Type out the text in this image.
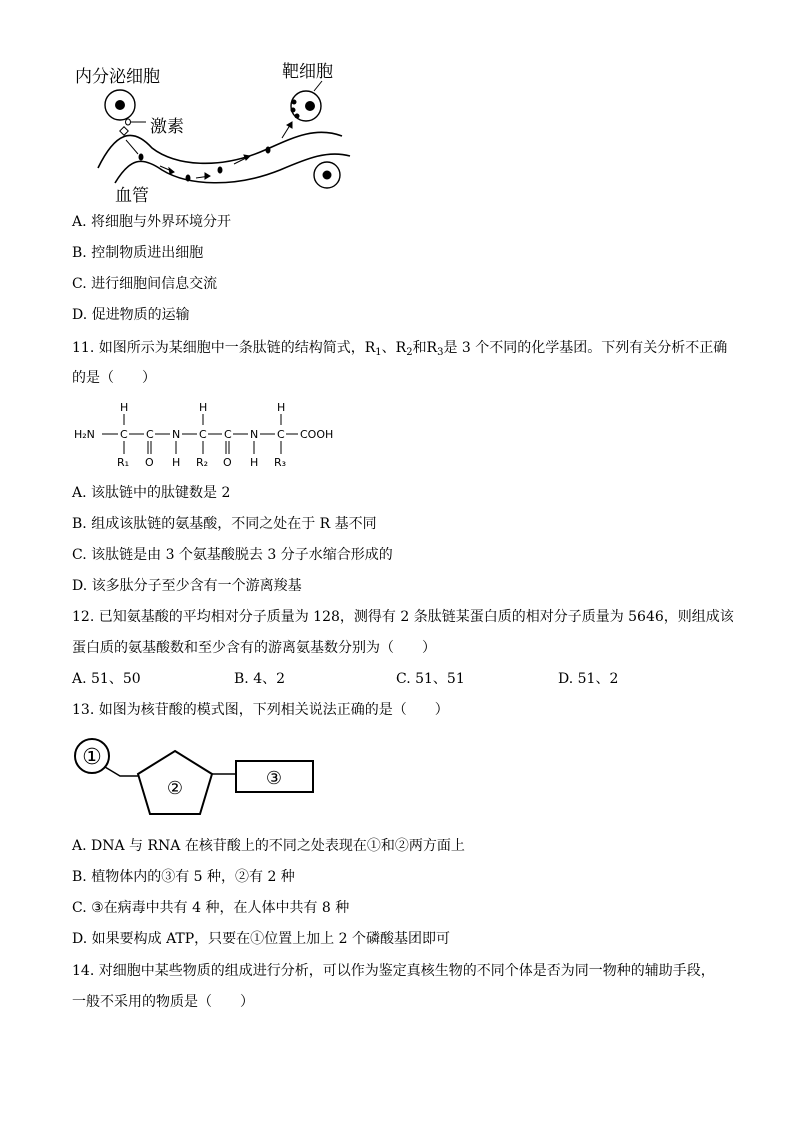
内分泌细胞
激素
靶细胞
血管
A. 将细胞与外界环境分开
B. 控制物质进出细胞
C. 进行细胞间信息交流
D. 促进物质的运输
11. 如图所示为某细胞中一条肽链的结构简式，$R_1$、$R_2$和$R_3$是 3 个不同的化学基团。下列有关分析不正确
的是（　　）
H₂N C
H
R₁
C
O
N
H
C
H
R₂
C
O
N
H
C
H
R₃
COOH
A. 该肽链中的肽键数是 2
B. 组成该肽链的氨基酸，不同之处在于 R 基不同
C. 该肽链是由 3 个氨基酸脱去 3 分子水缩合形成的
D. 该多肽分子至少含有一个游离羧基
12. 已知氨基酸的平均相对分子质量为 128，测得有 2 条肽链某蛋白质的相对分子质量为 5646，则组成该
蛋白质的氨基酸数和至少含有的游离氨基数分别为（　　）
A. 51、50	B. 4、2	C. 51、51	D. 51、2
13. 如图为核苷酸的模式图，下列相关说法正确的是（　　）
①
②	③
A. DNA 与 RNA 在核苷酸上的不同之处表现在①和②两方面上
B. 植物体内的③有 5 种，②有 2 种
C. ③在病毒中共有 4 种，在人体中共有 8 种
D. 如果要构成 ATP，只要在①位置上加上 2 个磷酸基团即可
14. 对细胞中某些物质的组成进行分析，可以作为鉴定真核生物的不同个体是否为同一物种的辅助手段，
一般不采用的物质是（　　）
